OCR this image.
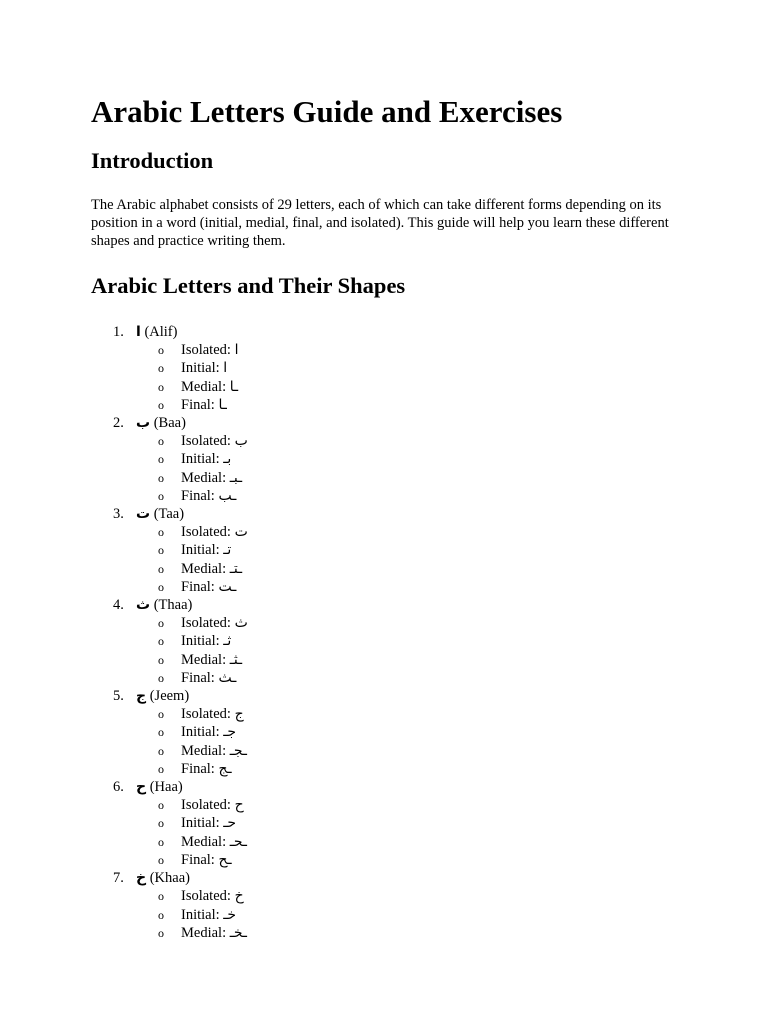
Arabic Letters Guide and Exercises
Introduction

The Arabic alphabet consists of 29 letters, each of which can take different forms depending on its position in a word (initial, medial, final, and isolated). This guide will help you learn these different shapes and practice writing them.

Arabic Letters and Their Shapes
1. ا (Alif)
o Isolated: ا
o Initial: ا
o Medial: ـا
o Final: ـا
2. ب (Baa)
o Isolated: ب
o Initial: بـ
o Medial: ـبـ
o Final: ـب
3. ت (Taa)
o Isolated: ت
o Initial: تـ
o Medial: ـتـ
o Final: ـت
4. ث (Thaa)
o Isolated: ث
o Initial: ثـ
o Medial: ـثـ
o Final: ـث
5. ج (Jeem)
o Isolated: ج
o Initial: جـ
o Medial: ـجـ
o Final: ـج
6. ح (Haa)
o Isolated: ح
o Initial: حـ
o Medial: ـحـ
o Final: ـح
7. خ (Khaa)
o Isolated: خ
o Initial: خـ
o Medial: ـخـ
